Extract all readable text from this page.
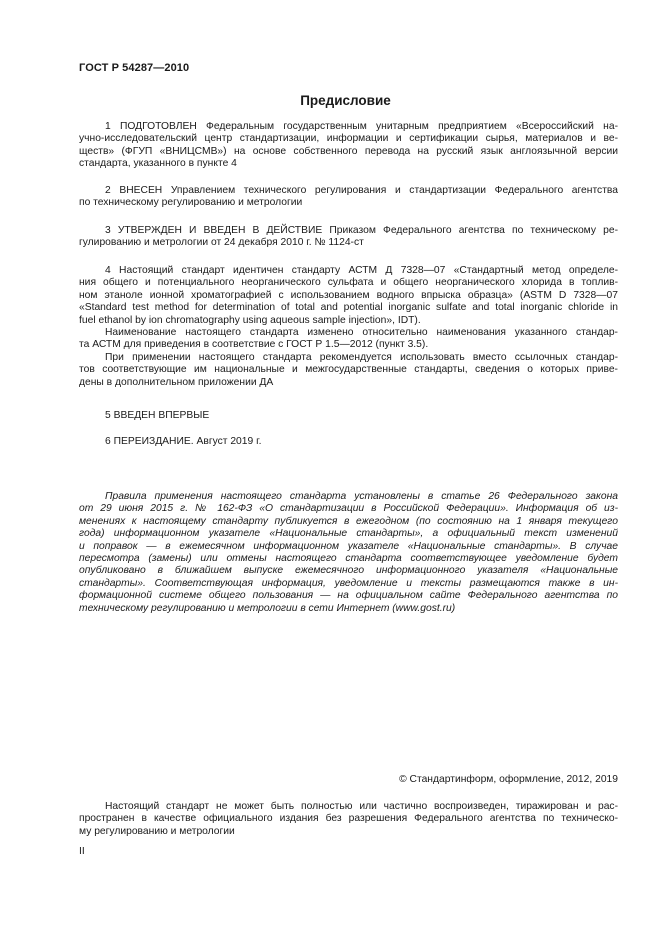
ГОСТ Р 54287—2010
Предисловие
1 ПОДГОТОВЛЕН Федеральным государственным унитарным предприятием «Всероссийский на-
учно-исследовательский центр стандартизации, информации и сертификации сырья, материалов и ве-
ществ» (ФГУП «ВНИЦСМВ») на основе собственного перевода на русский язык англоязычной версии
стандарта, указанного в пункте 4
2 ВНЕСЕН Управлением технического регулирования и стандартизации Федерального агентства
по техническому регулированию и метрологии
3 УТВЕРЖДЕН И ВВЕДЕН В ДЕЙСТВИЕ Приказом Федерального агентства по техническому ре-
гулированию и метрологии от 24 декабря 2010 г. № 1124-ст
4 Настоящий стандарт идентичен стандарту АСТМ Д 7328—07 «Стандартный метод определе-
ния общего и потенциального неорганического сульфата и общего неорганического хлорида в топлив-
ном этаноле ионной хроматографией с использованием водного впрыска образца» (ASTM D 7328—07
«Standard test method for determination of total and potential inorganic sulfate and total inorganic chloride in
fuel ethanol by ion chromatography using aqueous sample injection», IDT).
Наименование настоящего стандарта изменено относительно наименования указанного стандар-
та АСТМ для приведения в соответствие с ГОСТ Р 1.5—2012 (пункт 3.5).
При применении настоящего стандарта рекомендуется использовать вместо ссылочных стандар-
тов соответствующие им национальные и межгосударственные стандарты, сведения о которых приве-
дены в дополнительном приложении ДА
5 ВВЕДЕН ВПЕРВЫЕ
6 ПЕРЕИЗДАНИЕ. Август 2019 г.
Правила применения настоящего стандарта установлены в статье 26 Федерального закона
от 29 июня 2015 г. № 162-ФЗ «О стандартизации в Российской Федерации». Информация об из-
менениях к настоящему стандарту публикуется в ежегодном (по состоянию на 1 января текущего
года) информационном указателе «Национальные стандарты», а официальный текст изменений
и поправок — в ежемесячном информационном указателе «Национальные стандарты». В случае
пересмотра (замены) или отмены настоящего стандарта соответствующее уведомление будет
опубликовано в ближайшем выпуске ежемесячного информационного указателя «Национальные
стандарты». Соответствующая информация, уведомление и тексты размещаются также в ин-
формационной системе общего пользования — на официальном сайте Федерального агентства по
техническому регулированию и метрологии в сети Интернет (www.gost.ru)
© Стандартинформ, оформление, 2012, 2019
Настоящий стандарт не может быть полностью или частично воспроизведен, тиражирован и рас-
пространен в качестве официального издания без разрешения Федерального агентства по техническо-
му регулированию и метрологии
II
